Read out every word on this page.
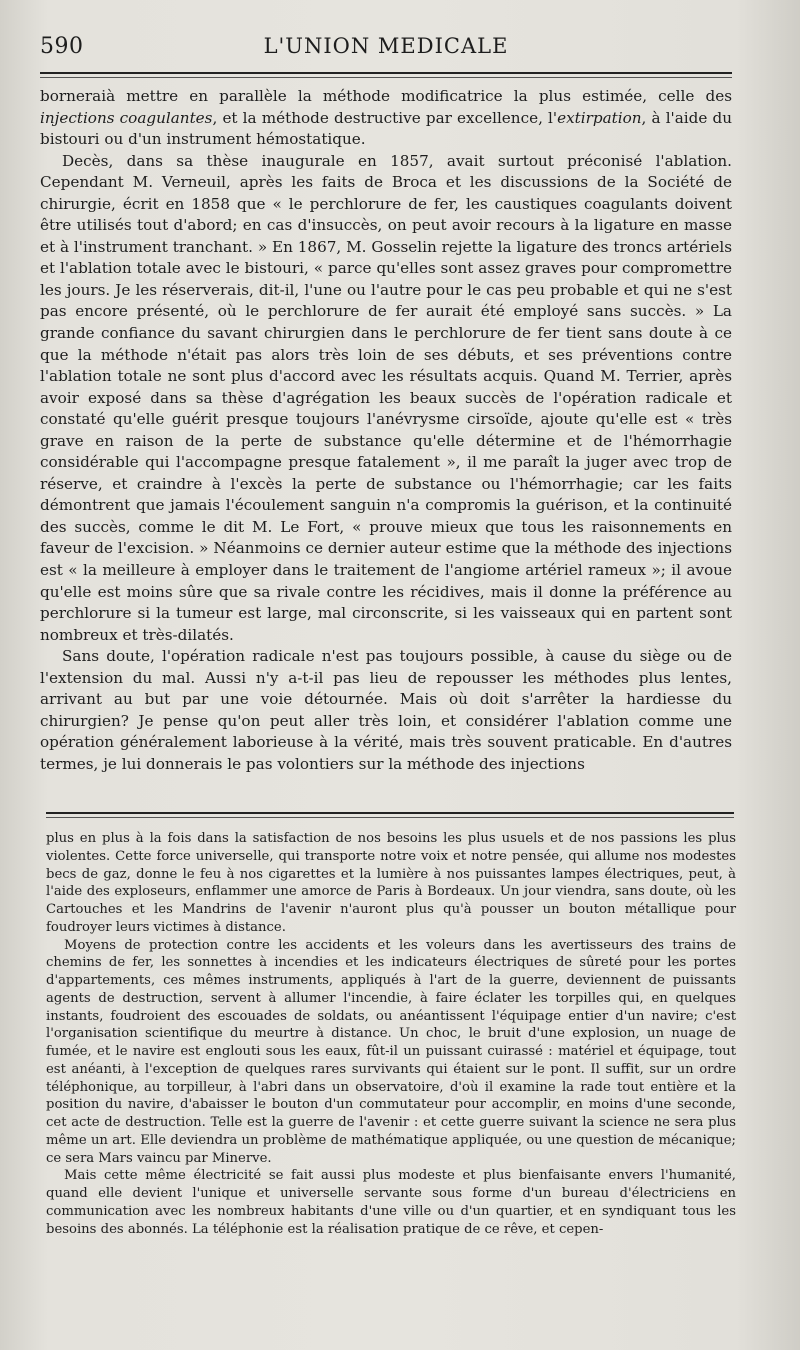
590	L'UNION MEDICALE

borneraià mettre en parallèle la méthode modificatrice la plus estimée, celle des injections coagulantes, et la méthode destructive par excellence, l'extirpation, à l'aide du bistouri ou d'un instrument hémostatique.

Decès, dans sa thèse inaugurale en 1857, avait surtout préconisé l'ablation. Cependant M. Verneuil, après les faits de Broca et les discussions de la Société de chirurgie, écrit en 1858 que « le perchlorure de fer, les caustiques coagulants doivent être utilisés tout d'abord; en cas d'insuccès, on peut avoir recours à la ligature en masse et à l'instrument tranchant. » En 1867, M. Gosselin rejette la ligature des troncs artériels et l'ablation totale avec le bistouri, « parce qu'elles sont assez graves pour compromettre les jours. Je les réserverais, dit-il, l'une ou l'autre pour le cas peu probable et qui ne s'est pas encore présenté, où le perchlorure de fer aurait été employé sans succès. » La grande confiance du savant chirurgien dans le perchlorure de fer tient sans doute à ce que la méthode n'était pas alors très loin de ses débuts, et ses préventions contre l'ablation totale ne sont plus d'accord avec les résultats acquis. Quand M. Terrier, après avoir exposé dans sa thèse d'agrégation les beaux succès de l'opération radicale et constaté qu'elle guérit presque toujours l'anévrysme cirsoïde, ajoute qu'elle est « très grave en raison de la perte de substance qu'elle détermine et de l'hémorrhagie considérable qui l'accompagne presque fatalement », il me paraît la juger avec trop de réserve, et craindre à l'excès la perte de substance ou l'hémorrhagie; car les faits démontrent que jamais l'écoulement sanguin n'a compromis la guérison, et la continuité des succès, comme le dit M. Le Fort, « prouve mieux que tous les raisonnements en faveur de l'excision. » Néanmoins ce dernier auteur estime que la méthode des injections est « la meilleure à employer dans le traitement de l'angiome artériel rameux »; il avoue qu'elle est moins sûre que sa rivale contre les récidives, mais il donne la préférence au perchlorure si la tumeur est large, mal circonscrite, si les vaisseaux qui en partent sont nombreux et très-dilatés.

Sans doute, l'opération radicale n'est pas toujours possible, à cause du siège ou de l'extension du mal. Aussi n'y a-t-il pas lieu de repousser les méthodes plus lentes, arrivant au but par une voie détournée. Mais où doit s'arrêter la hardiesse du chirurgien? Je pense qu'on peut aller très loin, et considérer l'ablation comme une opération généralement laborieuse à la vérité, mais très souvent praticable. En d'autres termes, je lui donnerais le pas volontiers sur la méthode des injections

plus en plus à la fois dans la satisfaction de nos besoins les plus usuels et de nos passions les plus violentes. Cette force universelle, qui transporte notre voix et notre pensée, qui allume nos modestes becs de gaz, donne le feu à nos cigarettes et la lumière à nos puissantes lampes électriques, peut, à l'aide des exploseurs, enflammer une amorce de Paris à Bordeaux. Un jour viendra, sans doute, où les Cartouches et les Mandrins de l'avenir n'auront plus qu'à pousser un bouton métallique pour foudroyer leurs victimes à distance.

Moyens de protection contre les accidents et les voleurs dans les avertisseurs des trains de chemins de fer, les sonnettes à incendies et les indicateurs électriques de sûreté pour les portes d'appartements, ces mêmes instruments, appliqués à l'art de la guerre, deviennent de puissants agents de destruction, servent à allumer l'incendie, à faire éclater les torpilles qui, en quelques instants, foudroient des escouades de soldats, ou anéantissent l'équipage entier d'un navire; c'est l'organisation scientifique du meurtre à distance. Un choc, le bruit d'une explosion, un nuage de fumée, et le navire est englouti sous les eaux, fût-il un puissant cuirassé : matériel et équipage, tout est anéanti, à l'exception de quelques rares survivants qui étaient sur le pont. Il suffit, sur un ordre téléphonique, au torpilleur, à l'abri dans un observatoire, d'où il examine la rade tout entière et la position du navire, d'abaisser le bouton d'un commutateur pour accomplir, en moins d'une seconde, cet acte de destruction. Telle est la guerre de l'avenir : et cette guerre suivant la science ne sera plus même un art. Elle deviendra un problème de mathématique appliquée, ou une question de mécanique; ce sera Mars vaincu par Minerve.

Mais cette même électricité se fait aussi plus modeste et plus bienfaisante envers l'humanité, quand elle devient l'unique et universelle servante sous forme d'un bureau d'électriciens en communication avec les nombreux habitants d'une ville ou d'un quartier, et en syndiquant tous les besoins des abonnés. La téléphonie est la réalisation pratique de ce rêve, et cepen-
